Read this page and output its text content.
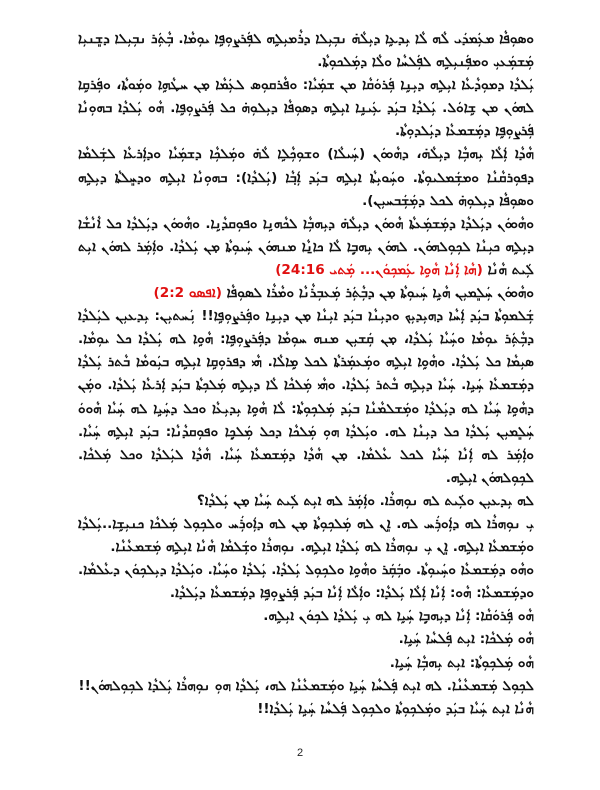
ܘܣܘܼܦܵܐ ܡܥܲܡܕܿܝ ܠܵܗ ܠܵܐ ܝܼܕܥܹܐ ܕܝܼܠܵܗ̇ ܢܒܼܝܼܠܐ ܕܪܵܡܝܼܠܹܗ ܠܦܲܪܨܘܼܦܹܐ ܝܘܼܡܵܐ. ܒܼܵܬܲܪ ܢܒܼܝܼܠܐ ܕܫܸܢܝܼܐ ܡܲܫܡܲܥܝܼ ܘܡܦܲܢܝܼܠܹܗ ܠܦܲܠܚܵܐ ܘܠܵܐ ܕܡܲܠܟܘܼܬܵܐ.

ܝܲܠܕܵܐ ܕܡܘܼܕܵܥܵܐ ܐܝܼܠܹܗ ܕܝܼܢܹܐ ܦܲܪܘܿܩܵܐ ܡܢ ܫܡܲܝܵܐ: ܘܦܵܪܩܘܼܣ ܠܥܲܡܵܐ ܡ̣ܢ ܚܛܵܗܹܐ ܘܡܲܘܬܵܐ، ܘܦܲܪܩܹܐ ܠܗܘܿܢ ܡܢ ܫܹܐܘܿܠ. ܝܲܠܕܵܐ ܒܝܲܕ ܥܲܝܢܹܐ ܐܝܼܠܹܗ ܕܣܘܼܦܵܐ ܕܝܼܠܘܼܗ̇ ܟܠ ܦܲܪܨܘܼܦܹܐ. ܗܵܘ ܝܲܠܕܵܐ ܒܗܘܼܢܵܐ ܦܲܪܨܘܼܦܹܐ ܕܡܲܫܡܥܵܐ ܕܝܲܠܕܘܼܬܵܐ.

ܗܵܕܵܐ ܐܲܠܵܐ ܝܼܗܒܼܵܐ ܕܝܼܠܵܗ̇، ܕܗܵܘܘܿܢ (ܚܲܝܠܵܐ) ܘܫܘܼܟܼܵܠܹܐ ܠܵܗ̇ ܘܡܲܠܟܼܵܐ ܕܫܡܲܝܵܐ ܘܕܐܲܪܥܵܐ ܠܫܲܠܡܵܐ ܕܦܘܼܪܩܵܢܵܐ ܘܡܫܲܡܠܝܘܼܬܵܐ. ܘܚܲܘܝܼܬܵܐ ܐܝܼܠܹܗ ܒܝܲܕ ܐܲܒ݂ܵܐ (ܝܲܠܕܵܐ): ܒܗܘܼܢܵܐ ܐܝܼܠܹܗ ܘܕܚܸܠܬܵܐ ܕܝܼܠܹܗ ܘܣܘܼܦܵܐ ܕܝܼܠܘܼܗ̇ ܠܟܠ ܕܡܲܫܲܒܚܝܼܢ).

ܘܗܵܘܘܿܢ ܕܝܲܠܕܵܐ ܕܡܲܫܡܲܥܬܵܐ ܗܵܘܘܿܢ ܕܝܼܠܵܗ̇ ܕܝܼܗܒܼܵܐ ܠܟܵܗܢܹܐ ܘܦܘܼܩܕܵܢܹܐ. ܘܗܵܘܘܿܢ ܕܝܲܠܕܵܐ ܟܠ ܐܵܢܵܫܵܐ ܕܝܼܠܹܗ ܟܝܼܢܵܐ ܠܟܼܘܼܠܗܘܿܢ. ܠܗܘܿܢ ܝܼܗܒܼܹܐ ܠܵܐ ܟܐ̱ܢܵܐ ܡܢܗܘܿܢ ܚܲܝܘܼܬܵܐ ܡ̣ܢ ܝܲܠܕܵܐ. ܘܐܲܡܲܪ ܠܗܘܿܢ ܐܝܼܬ ܠܲܝܬ ܗܵܢܵܐ (ܗܵܐ ܐܲܢܵܐ ܗܵܘܹܐ ܥܲܡܟܼܘܿܢ... ܡܲܬܝ 24:16)

ܘܗܵܘܘܿܢ ܚܲܠܸܡܝܼܢ ܗܵܝܹܐ ܚܲܝܘܼܬܵܐ ܡ̣ܢ ܕܒܼܵܬܲܪ ܡܲܥܒܼܪܵܢܵܐ ܘܡܵܪܵܐ ܠܣܘܼܦܵܐ (ܐܦܣܘ 2:2)

ܫܲܠܡܘܼܬܵܐ ܒܝܲܕ ܐܲܚܵܐ ܕܗܝܼܕܝܼܟ ܘܕܝܼܢܵܐ ܒܝܲܕ ܐܝܼܢܵܐ ܡ̣ܢ ܕܝܼܢܹܐ ܘܦܲܪܨܘܼܦܹܐ!! ܢܲܚܬܝܼܢ: ܝܼܕܥܝܼܢ ܠܝܲܠܕܵܐ ܕܒܼܵܬܲܪ ܝܘܼܡܵܐ ܘܚܲܝܵܐ ܝܲܠܕܵܐ، ܡ̣ܢ ܩܲܫܝܼܢ ܡܢܗ ܚܘܼܡܵܐ ܕܦܲܪܨܘܼܦܹܐ: ܗܵܘܹܐ ܠܗ ܝܲܠܕܵܐ ܟܠ ܝܘܼܡܵܐ. ܣܝܼܡܵܐ ܟܠ ܝܲܠܕܵܐ. ܘܗܵܘܹܐ ܐܝܼܠܹܗ ܘܡܲܥܡܲܪܬܵܐ ܠܟܠ ܡܹܐܠܵܐ. ܗܵܝ ܕܦܪܘܼܩܹܐ ܐܝܼܠܹܗ ܒܝܲܘܡܵܐ ܒܵܬܪ ܝܲܠܕܵܐ ܕܡܲܫܡܥܵܐ ܚܲܝܹܐ. ܚܲܝܵܐ ܕܝܼܠܹܗ ܒܵܬܪ ܝܲܠܕܵܐ. ܘܗܵܝ ܡܲܠܟܵܐ ܠܵܐ ܕܝܼܠܹܗ ܡܲܠܟܼܬܵܐ ܒܝܲܕ ܐܲܪܥܵܐ ܝܲܠܕܵܐ. ܘܡܲܢ ܕܗܵܘܹܐ ܚܲܝܵܐ ܠܗ ܕܝܲܠܕܵܐ ܘܡܲܫܠܡܵܢܵܐ ܒܝܲܕ ܡܲܠܟܼܘܼܬܵܐ: ܠܵܐ ܗܵܘܹܐ ܝܼܕܝܼܥܵܐ ܘܟܠ ܕܚܲܝܹܐ ܠܗ ܚܲܝܵܐ ܗܵܘܘܿ ܚܲܠܸܡܝܼܢ ܝܲܠܕܵܐ ܟܠ ܕܝܼܢܵܐ ܠܗ. ܘܝܲܠܕܵܐ ܗܘܼ ܡܲܠܟܵܐ ܕܟܠ ܡܲܠܟܼܹܐ ܘܦܘܼܩܕܵܢܵܐ: ܒܝܲܕ ܐܝܼܠܹܗ ܚܲܝܵܐ. ܘܐܲܡܲܪ ܠܗ ܐܲܢܵܐ ܚܲܝܵܐ ܠܟܠ ܥܵܠܡܵܐ. ܡ̣ܢ ܗܵܕܵܐ ܕܡܲܫܡܥܵܐ ܚܲܝܵܐ. ܗܵܕܵܐ ܠܝܲܠܕܵܐ ܘܟܠ ܡܲܠܟܵܐ. ܠܟܼܘܼܠܗܘܿܢ ܐܝܼܠܹܗ.

ܠܗ ܝܼܕܥܝܼܢ ܘܠܲܝܬ ܠܗ ܢܘܼܗܪܵܐ. ܘܐܲܡܲܪ ܠܗ ܐܝܼܬ ܠܲܝܬ ܚܲܝܵܐ ܡ̣ܢ ܝܲܠܕܵܐ؟

ܝܼ ܢܘܼܗܪܵܐ ܠܗ ܕܐܲܘܪܲܚ ܠܗ. ܐܸܢ ܠܗ ܡܲܠܟܼܘܼܬܵܐ ܡ̣ܢ ܠܗ ܕܐܲܘܪܲܚ ܘܠܟܼܘܼܠ ܡܲܠܟܵܐ ܟܢܝܼܫܹܐ..ܝܲܠܕܵܐ ܘܡܲܫܡܥܵܐ ܐܝܼܠܹܗ. ܐܸܢ ܝܼ ܢܘܼܗܪܵܐ ܠܗ ܝܲܠܕܵܐ ܐܝܼܠܹܗ. ܢܘܼܗܪܵܐ ܘܫܲܠܡܵܐ ܗܵܢܵܐ ܐܝܼܠܹܗ ܡܲܫܡܥܵܢܵܐ.

ܘܗܵܘ ܕܡܲܫܡܥܵܐ ܘܚܲܝܘܼܬܵܐ. ܘܒܲܩܲܪ ܘܗܵܘܹܐ ܘܠܟܼܘܼܠ ܝܲܠܕܵܐ. ܝܲܠܕܵܐ ܘܚܲܝܵܐ. ܘܝܲܠܕܵܐ ܕܝܼܠܟܼܘܿܢ ܕܥܵܠܡܵܐ. ܘܕܡܲܫܡܥܵܐ: ܗܵܘ: ܐܲܢܵܐ ܐܲܠܵܐ ܝܲܠܕܵܐ: ܘܐܲܠܵܐ ܐܲܢܵܐ ܒܝܲܕ ܦܲܪܨܘܼܦܹܐ ܕܡܲܫܡܥܵܐ ܕܝܲܠܕܵܐ.

ܗܵܘ ܦܲܪܘܿܩܵܐ: ܐܲܢܵܐ ܕܝܼܗܒܼܹܐ ܚܲܝܹܐ ܠܗ ܝܼ ܝܲܠܕܵܐ ܠܟܼܘܿܢ ܐܝܼܠܹܗ.

ܗܵܘ ܡܲܠܟܵܐ: ܐܝܼܬ ܦܲܠܚܵܐ ܚܲܝܹܐ.

ܗܵܘ ܡܲܠܟܼܘܼܬܵܐ: ܐܝܼܬ ܝܼܗܒܼܵܐ ܚܲܝܹܐ.

ܠܟܼܘܼܠ ܡܲܫܡܥܵܢܵܐ. ܠܗ ܐܝܼܬ ܦܲܠܚܵܐ ܚܲܝܹܐ ܘܡܲܫܡܥܵܢܵܐ ܠܗ، ܝܲܠܕܵܐ ܗܘܼ ܢܘܼܗܪܵܐ ܝܲܠܕܵܐ ܠܟܼܘܼܠܗܘܿܢ!!

ܗܵܢܵܐ ܐܝܼܬ ܚܲܝܵܐ ܒܝܲܕ ܘܡܲܠܟܼܘܼܬܵܐ ܘܠܟܼܘܼܠ ܦܲܠܚܵܐ ܚܲܝܹܐ ܝܲܠܕܵܐ!!

2
